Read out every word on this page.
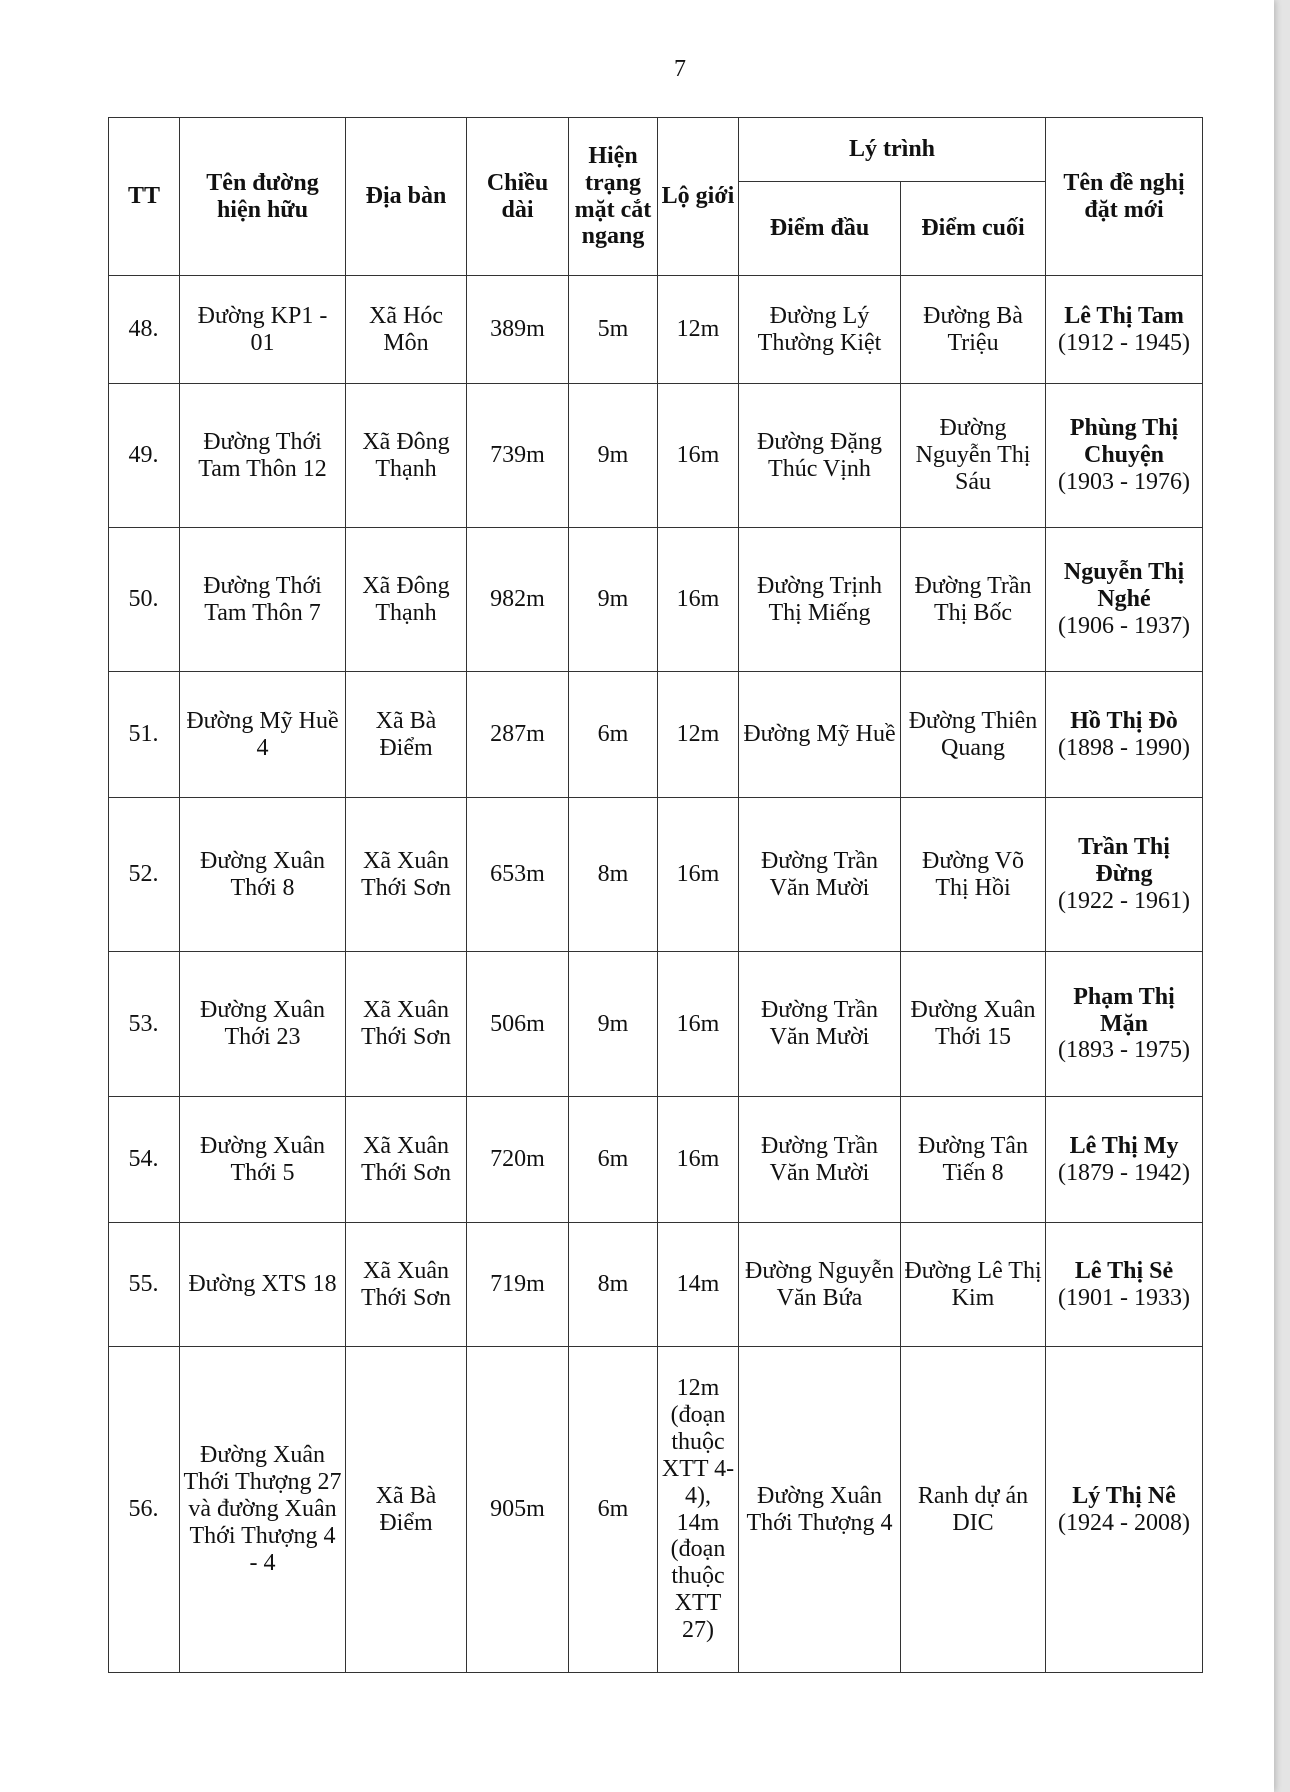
7
TT	Tên đường hiện hữu	Địa bàn	Chiều dài	Hiện trạng mặt cắt ngang	Lộ giới	Lý trình		Tên đề nghị đặt mới
						Điểm đầu	Điểm cuối	
48.	Đường KP1 - 01	Xã Hóc Môn	389m	5m	12m	Đường Lý Thường Kiệt	Đường Bà Triệu	Lê Thị Tam
(1912 - 1945)

49.	Đường Thới Tam Thôn 12	Xã Đông Thạnh	739m	9m	16m	Đường Đặng Thúc Vịnh	Đường Nguyễn Thị Sáu	Phùng Thị Chuyện
(1903 - 1976)

50.	Đường Thới Tam Thôn 7	Xã Đông Thạnh	982m	9m	16m	Đường Trịnh Thị Miếng	Đường Trần Thị Bốc	Nguyễn Thị Nghé
(1906 - 1937)

51.	Đường Mỹ Huề 4	Xã Bà Điểm	287m	6m	12m	Đường Mỹ Huề	Đường Thiên Quang	Hồ Thị Đò
(1898 - 1990)

52.	Đường Xuân Thới 8	Xã Xuân Thới Sơn	653m	8m	16m	Đường Trần Văn Mười	Đường Võ Thị Hồi	Trần Thị Đừng
(1922 - 1961)

53.	Đường Xuân Thới 23	Xã Xuân Thới Sơn	506m	9m	16m	Đường Trần Văn Mười	Đường Xuân Thới 15	Phạm Thị Mặn
(1893 - 1975)

54.	Đường Xuân Thới 5	Xã Xuân Thới Sơn	720m	6m	16m	Đường Trần Văn Mười	Đường Tân Tiến 8	Lê Thị My
(1879 - 1942)

55.	Đường XTS 18	Xã Xuân Thới Sơn	719m	8m	14m	Đường Nguyễn Văn Bứa	Đường Lê Thị Kim	Lê Thị Sẻ
(1901 - 1933)

56.	Đường Xuân Thới Thượng 27 và đường Xuân Thới Thượng 4 - 4	Xã Bà Điểm	905m	6m	12m (đoạn thuộc XTT 4-4), 14m (đoạn thuộc XTT 27)	Đường Xuân Thới Thượng 4	Ranh dự án DIC	Lý Thị Nê
(1924 - 2008)
